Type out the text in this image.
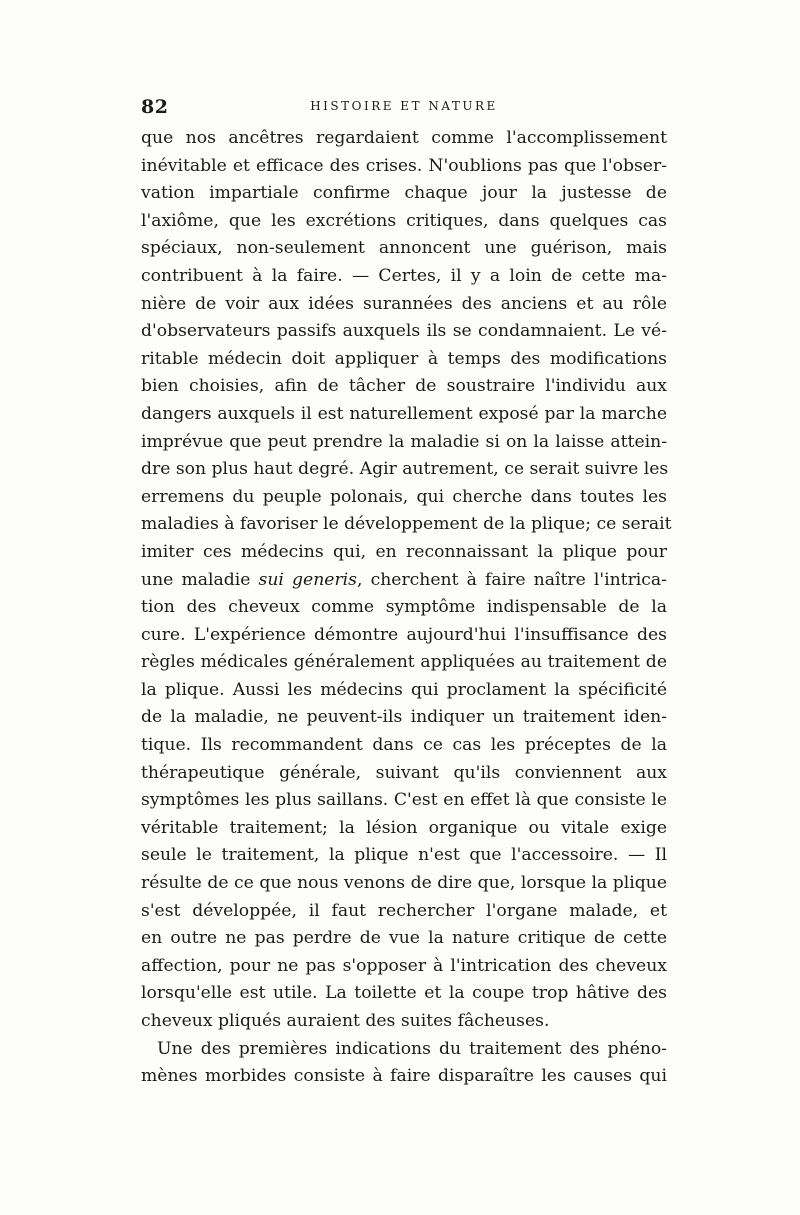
82	HISTOIRE ET NATURE
que nos ancêtres regardaient comme l'accomplissement
inévitable et efficace des crises. N'oublions pas que l'obser-
vation impartiale confirme chaque jour la justesse de
l'axiôme, que les excrétions critiques, dans quelques cas
spéciaux, non-seulement annoncent une guérison, mais
contribuent à la faire. — Certes, il y a loin de cette ma-
nière de voir aux idées surannées des anciens et au rôle
d'observateurs passifs auxquels ils se condamnaient. Le vé-
ritable médecin doit appliquer à temps des modifications
bien choisies, afin de tâcher de soustraire l'individu aux
dangers auxquels il est naturellement exposé par la marche
imprévue que peut prendre la maladie si on la laisse attein-
dre son plus haut degré. Agir autrement, ce serait suivre les
erremens du peuple polonais, qui cherche dans toutes les
maladies à favoriser le développement de la plique; ce serait
imiter ces médecins qui, en reconnaissant la plique pour
une maladie sui generis, cherchent à faire naître l'intrica-
tion des cheveux comme symptôme indispensable de la
cure. L'expérience démontre aujourd'hui l'insuffisance des
règles médicales généralement appliquées au traitement de
la plique. Aussi les médecins qui proclament la spécificité
de la maladie, ne peuvent-ils indiquer un traitement iden-
tique. Ils recommandent dans ce cas les préceptes de la
thérapeutique générale, suivant qu'ils conviennent aux
symptômes les plus saillans. C'est en effet là que consiste le
véritable traitement; la lésion organique ou vitale exige
seule le traitement, la plique n'est que l'accessoire. — Il
résulte de ce que nous venons de dire que, lorsque la plique
s'est développée, il faut rechercher l'organe malade, et
en outre ne pas perdre de vue la nature critique de cette
affection, pour ne pas s'opposer à l'intrication des cheveux
lorsqu'elle est utile. La toilette et la coupe trop hâtive des
cheveux pliqués auraient des suites fâcheuses.
Une des premières indications du traitement des phéno-
mènes morbides consiste à faire disparaître les causes qui
